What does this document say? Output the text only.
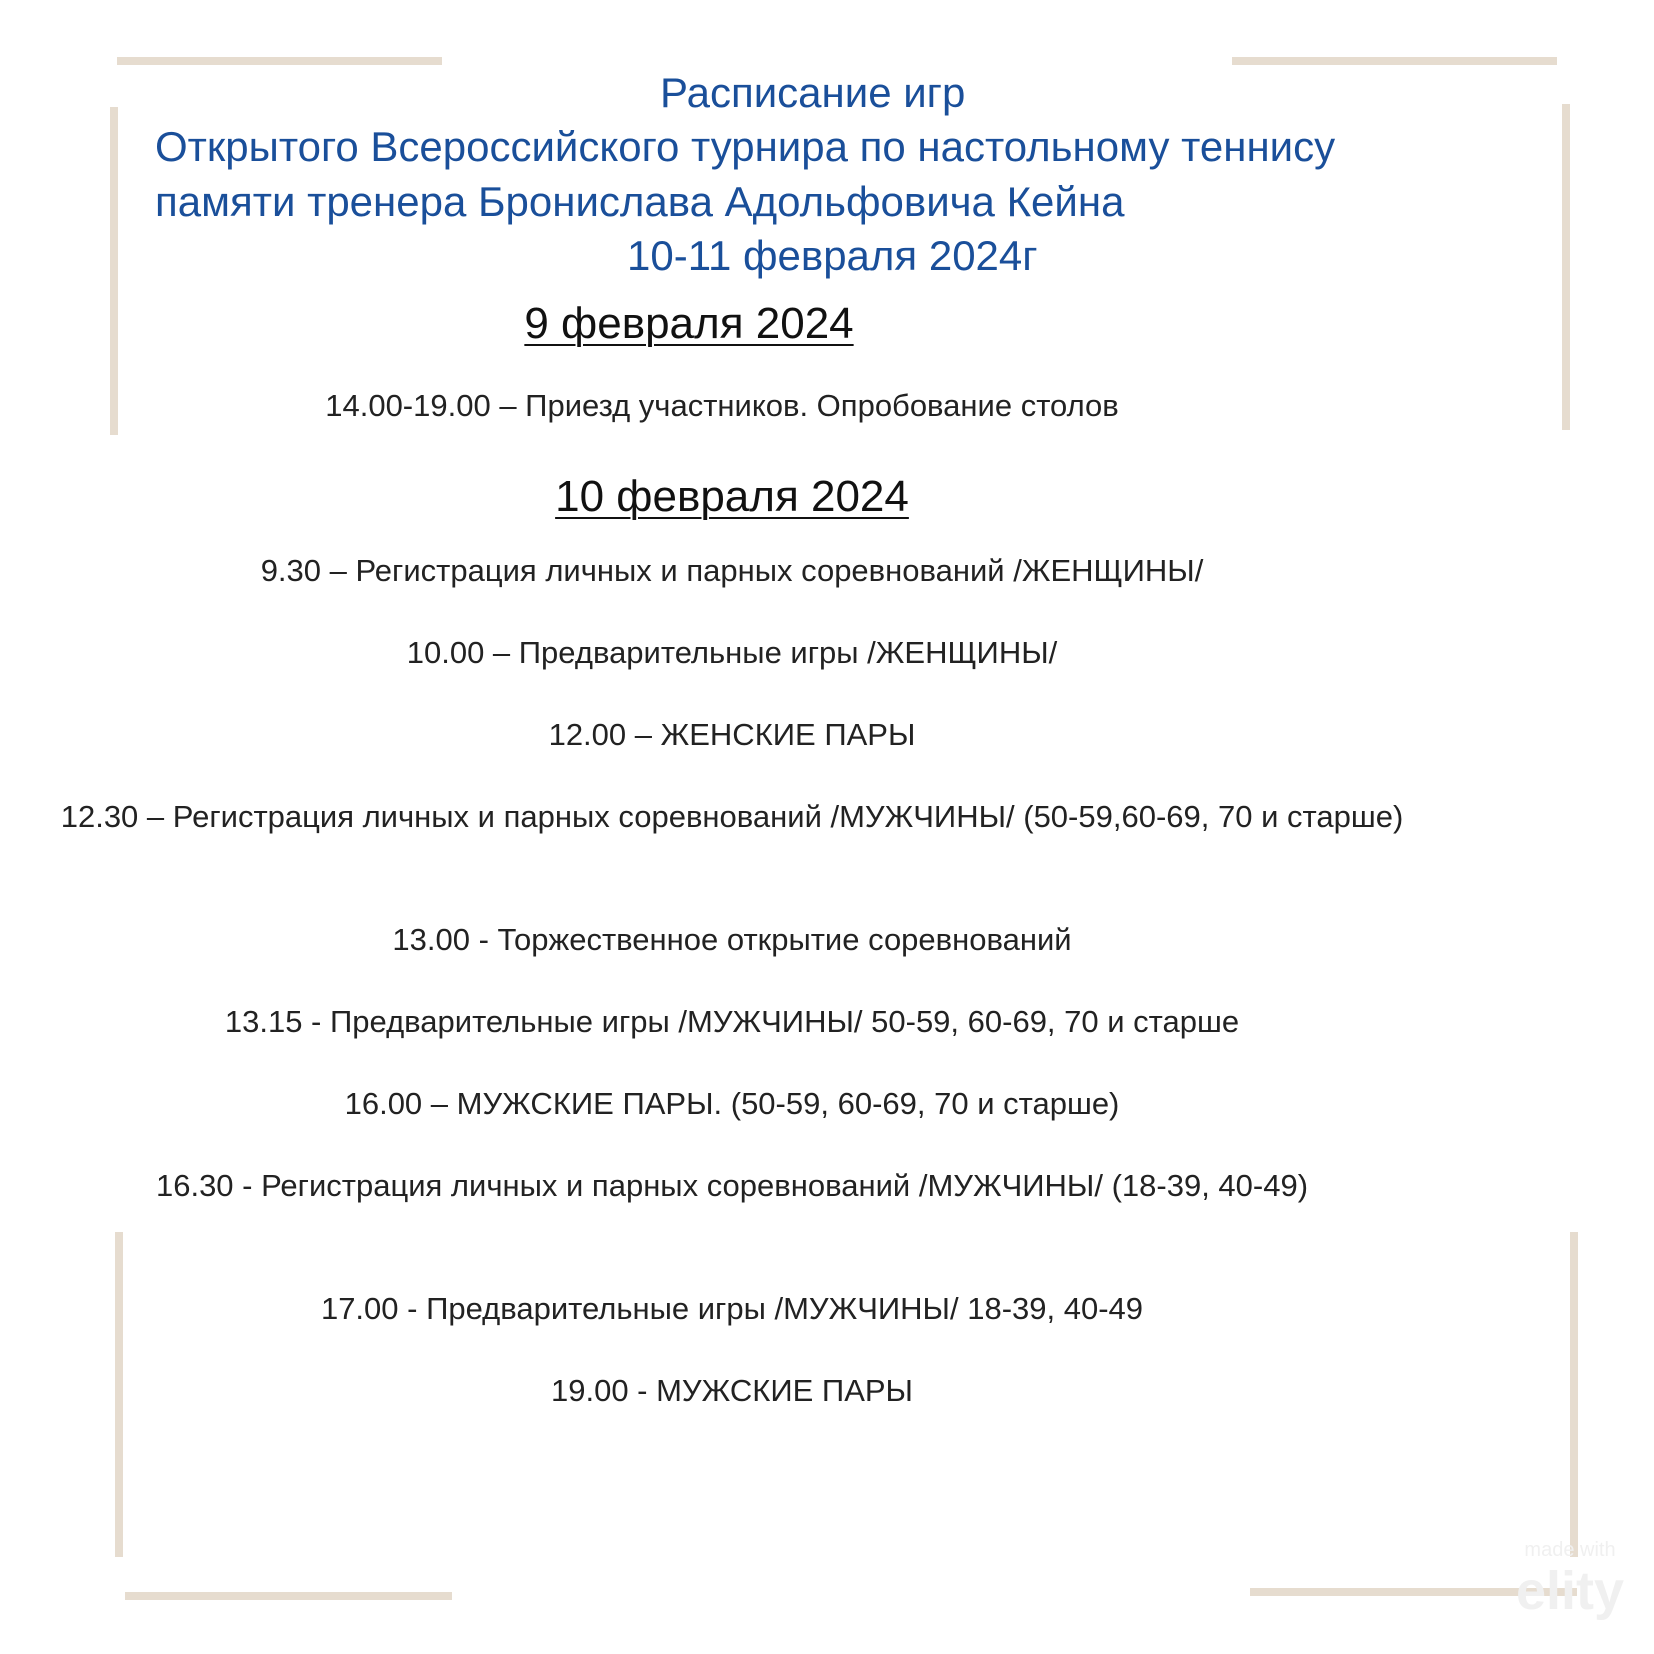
Расписание игр
Открытого Всероссийского турнира по настольному теннису
памяти тренера Бронислава Адольфовича Кейна
10-11 февраля 2024г
9 февраля 2024
14.00-19.00 – Приезд участников. Опробование столов
10 февраля 2024
9.30 – Регистрация личных и парных соревнований /ЖЕНЩИНЫ/
10.00 – Предварительные игры /ЖЕНЩИНЫ/
12.00 – ЖЕНСКИЕ ПАРЫ
12.30 – Регистрация личных и парных соревнований /МУЖЧИНЫ/ (50-59,60-69, 70 и старше)
13.00 - Торжественное открытие соревнований
13.15 - Предварительные игры /МУЖЧИНЫ/ 50-59, 60-69, 70 и старше
16.00 – МУЖСКИЕ ПАРЫ. (50-59, 60-69, 70 и старше)
16.30 - Регистрация личных и парных соревнований /МУЖЧИНЫ/ (18-39, 40-49)
17.00 - Предварительные игры /МУЖЧИНЫ/ 18-39, 40-49
19.00 - МУЖСКИЕ ПАРЫ
made with
elity
